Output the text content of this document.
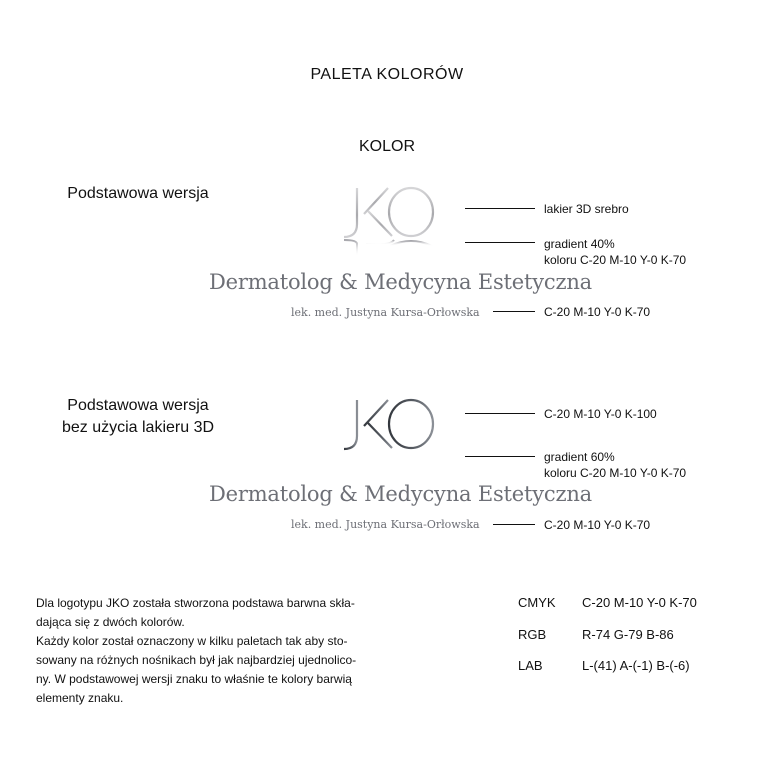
PALETA KOLORÓW
KOLOR
Podstawowa wersja
Dermatolog & Medycyna Estetyczna
lek. med. Justyna Kursa-Orłowska
lakier 3D srebro
gradient 40%
koloru C-20 M-10 Y-0 K-70
C-20 M-10 Y-0 K-70
Podstawowa wersja
bez użycia lakieru 3D
Dermatolog & Medycyna Estetyczna
lek. med. Justyna Kursa-Orłowska
C-20 M-10 Y-0 K-100
gradient 60%
koloru C-20 M-10 Y-0 K-70
C-20 M-10 Y-0 K-70

Dla logotypu JKO została stworzona podstawa barwna skła-

dająca się z dwóch kolorów.

Każdy kolor został oznaczony w kilku paletach tak aby sto-

sowany na różnych nośnikach był jak najbardziej ujednolico-

ny. W podstawowej wersji znaku to właśnie te kolory barwią

elementy znaku.

CMYK C-20 M-10 Y-0 K-70
RGB	R-74 G-79 B-86
LAB	L-(41) A-(-1) B-(-6)
